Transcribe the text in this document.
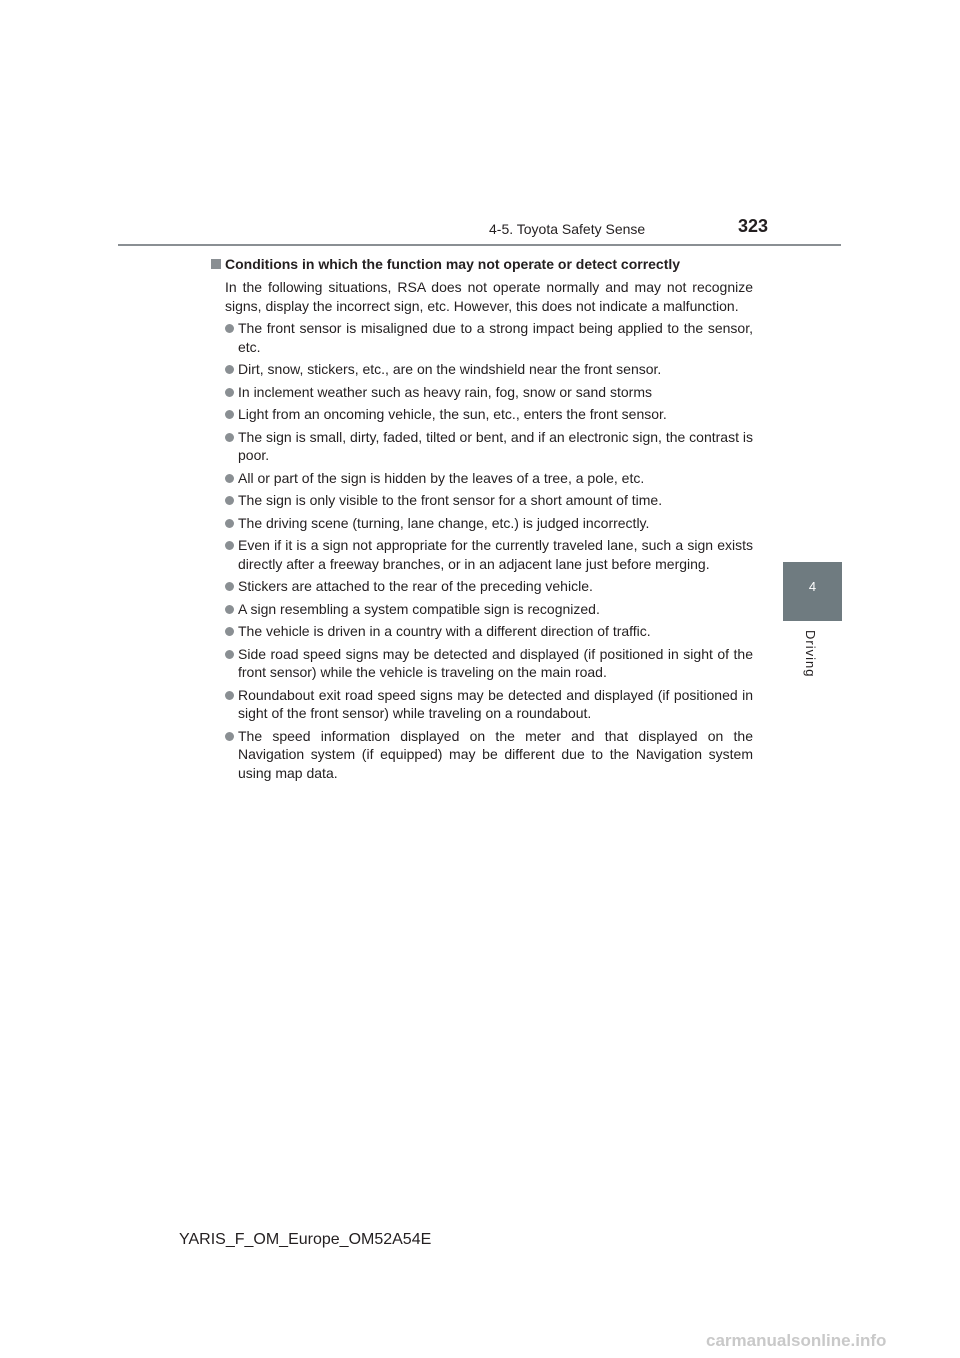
4-5. Toyota Safety Sense	323
4
Driving
Conditions in which the function may not operate or detect correctly

In the following situations, RSA does not operate normally and may not recognize signs, display the incorrect sign, etc. However, this does not indicate a malfunction.

The front sensor is misaligned due to a strong impact being applied to the sensor, etc.
Dirt, snow, stickers, etc., are on the windshield near the front sensor.
In inclement weather such as heavy rain, fog, snow or sand storms
Light from an oncoming vehicle, the sun, etc., enters the front sensor.
The sign is small, dirty, faded, tilted or bent, and if an electronic sign, the contrast is poor.
All or part of the sign is hidden by the leaves of a tree, a pole, etc.
The sign is only visible to the front sensor for a short amount of time.
The driving scene (turning, lane change, etc.) is judged incorrectly.
Even if it is a sign not appropriate for the currently traveled lane, such a sign exists directly after a freeway branches, or in an adjacent lane just before merging.
Stickers are attached to the rear of the preceding vehicle.
A sign resembling a system compatible sign is recognized.
The vehicle is driven in a country with a different direction of traffic.
Side road speed signs may be detected and displayed (if positioned in sight of the front sensor) while the vehicle is traveling on the main road.
Roundabout exit road speed signs may be detected and displayed (if positioned in sight of the front sensor) while traveling on a roundabout.
The speed information displayed on the meter and that displayed on the Navigation system (if equipped) may be different due to the Navigation system using map data.
YARIS_F_OM_Europe_OM52A54E
carmanualsonline.info
